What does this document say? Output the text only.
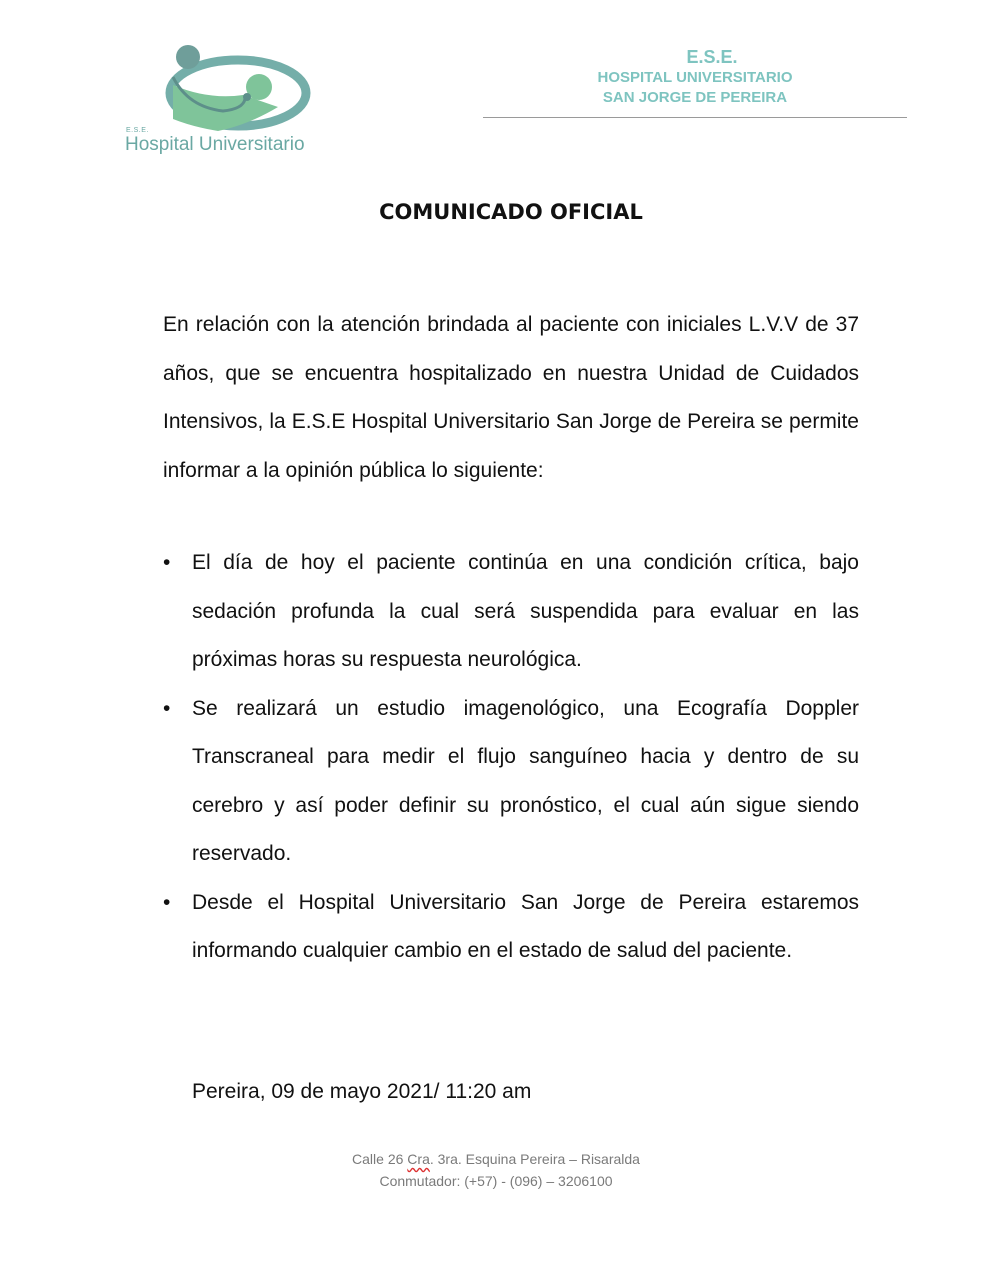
E.S.E.
Hospital Universitario
E.S.E.
HOSPITAL UNIVERSITARIO
SAN JORGE DE PEREIRA
COMUNICADO OFICIAL

En relación con la atención brindada al paciente con iniciales L.V.V de 37 años, que se encuentra hospitalizado en nuestra Unidad de Cuidados Intensivos, la E.S.E Hospital Universitario San Jorge de Pereira se permite informar a la opinión pública lo siguiente:

• El día de hoy el paciente continúa en una condición crítica, bajo sedación profunda la cual será suspendida para evaluar en las próximas horas su respuesta neurológica.
• Se realizará un estudio imagenológico, una Ecografía Doppler Transcraneal para medir el flujo sanguíneo hacia y dentro de su cerebro y así poder definir su pronóstico, el cual aún sigue siendo reservado.
• Desde el Hospital Universitario San Jorge de Pereira estaremos informando cualquier cambio en el estado de salud del paciente.
Pereira, 09 de mayo 2021/ 11:20 am
Calle 26 Cra. 3ra. Esquina Pereira – Risaralda
Conmutador: (+57) - (096) – 3206100
